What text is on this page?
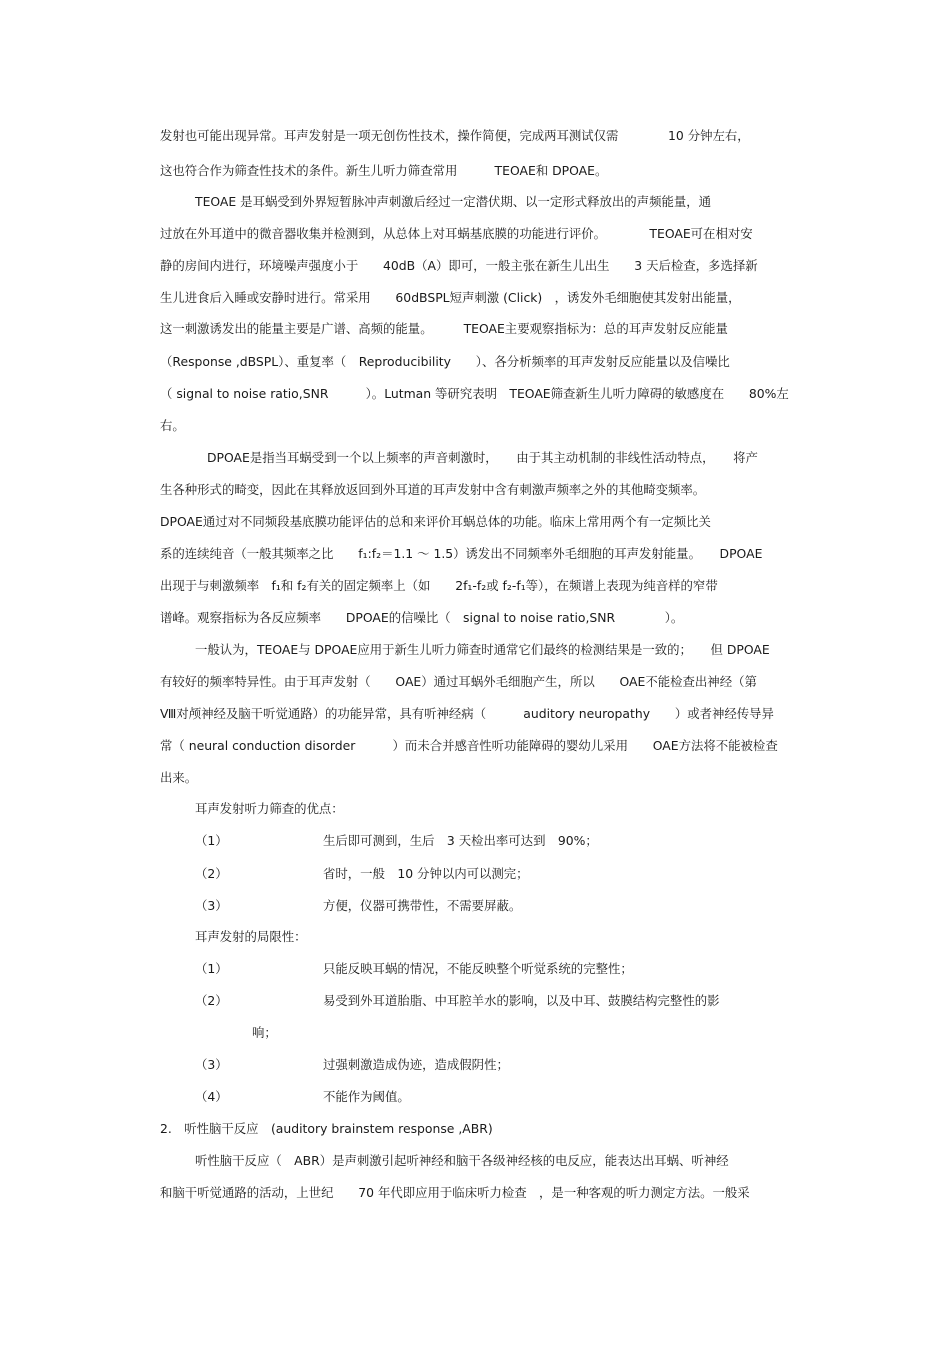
发射也可能出现异常。耳声发射是一项无创伤性技术，操作简便，完成两耳测试仅需　　　　10 分钟左右，

这也符合作为筛查性技术的条件。新生儿听力筛查常用　　　TEOAE和 DPOAE。

TEOAE 是耳蜗受到外界短暂脉冲声刺激后经过一定潜伏期、以一定形式释放出的声频能量，通

过放在外耳道中的微音器收集并检测到，从总体上对耳蜗基底膜的功能进行评价。　　　　TEOAE可在相对安

静的房间内进行，环境噪声强度小于　　40dB（A）即可，一般主张在新生儿出生　　3 天后检查，多选择新

生儿进食后入睡或安静时进行。常采用　　60dBSPL短声刺激 (Click)　，诱发外毛细胞使其发射出能量，

这一刺激诱发出的能量主要是广谱、高频的能量。　　　TEOAE主要观察指标为：总的耳声发射反应能量

（Response ,dBSPL）、重复率（　Reproducibility　　）、各分析频率的耳声发射反应能量以及信噪比

（ signal to noise ratio,SNR　　　）。Lutman 等研究表明　TEOAE筛查新生儿听力障碍的敏感度在　　80%左

右。

DPOAE是指当耳蜗受到一个以上频率的声音刺激时，　　由于其主动机制的非线性活动特点，　　将产

生各种形式的畸变，因此在其释放返回到外耳道的耳声发射中含有刺激声频率之外的其他畸变频率。

DPOAE通过对不同频段基底膜功能评估的总和来评价耳蜗总体的功能。临床上常用两个有一定频比关

系的连续纯音（一般其频率之比　　f₁:f₂＝1.1 ～ 1.5）诱发出不同频率外毛细胞的耳声发射能量。　　DPOAE

出现于与刺激频率　f₁和 f₂有关的固定频率上（如　　2f₁-f₂或 f₂-f₁等），在频谱上表现为纯音样的窄带

谱峰。观察指标为各反应频率　　DPOAE的信噪比（　signal to noise ratio,SNR　　　　）。

一般认为，TEOAE与 DPOAE应用于新生儿听力筛查时通常它们最终的检测结果是一致的；　　但 DPOAE

有较好的频率特异性。由于耳声发射（　　OAE）通过耳蜗外毛细胞产生，所以　　OAE不能检查出神经（第

Ⅷ对颅神经及脑干听觉通路）的功能异常，具有听神经病（　　　auditory neuropathy　　）或者神经传导异

常（ neural conduction disorder　　　）而未合并感音性听功能障碍的婴幼儿采用　　OAE方法将不能被检查

出来。

耳声发射听力筛查的优点：

（1）	生后即可测到，生后　3 天检出率可达到　90%；

（2）	省时，一般　10 分钟以内可以测完；

（3）	方便，仪器可携带性，不需要屏蔽。

耳声发射的局限性：

（1）	只能反映耳蜗的情况，不能反映整个听觉系统的完整性；

（2）	易受到外耳道胎脂、中耳腔羊水的影响，以及中耳、鼓膜结构完整性的影

响；

（3）	过强刺激造成伪迹，造成假阴性；

（4）	不能作为阈值。

2.　听性脑干反应　(auditory brainstem response ,ABR)

听性脑干反应（　ABR）是声刺激引起听神经和脑干各级神经核的电反应，能表达出耳蜗、听神经

和脑干听觉通路的活动，上世纪　　70 年代即应用于临床听力检查　，是一种客观的听力测定方法。一般采
